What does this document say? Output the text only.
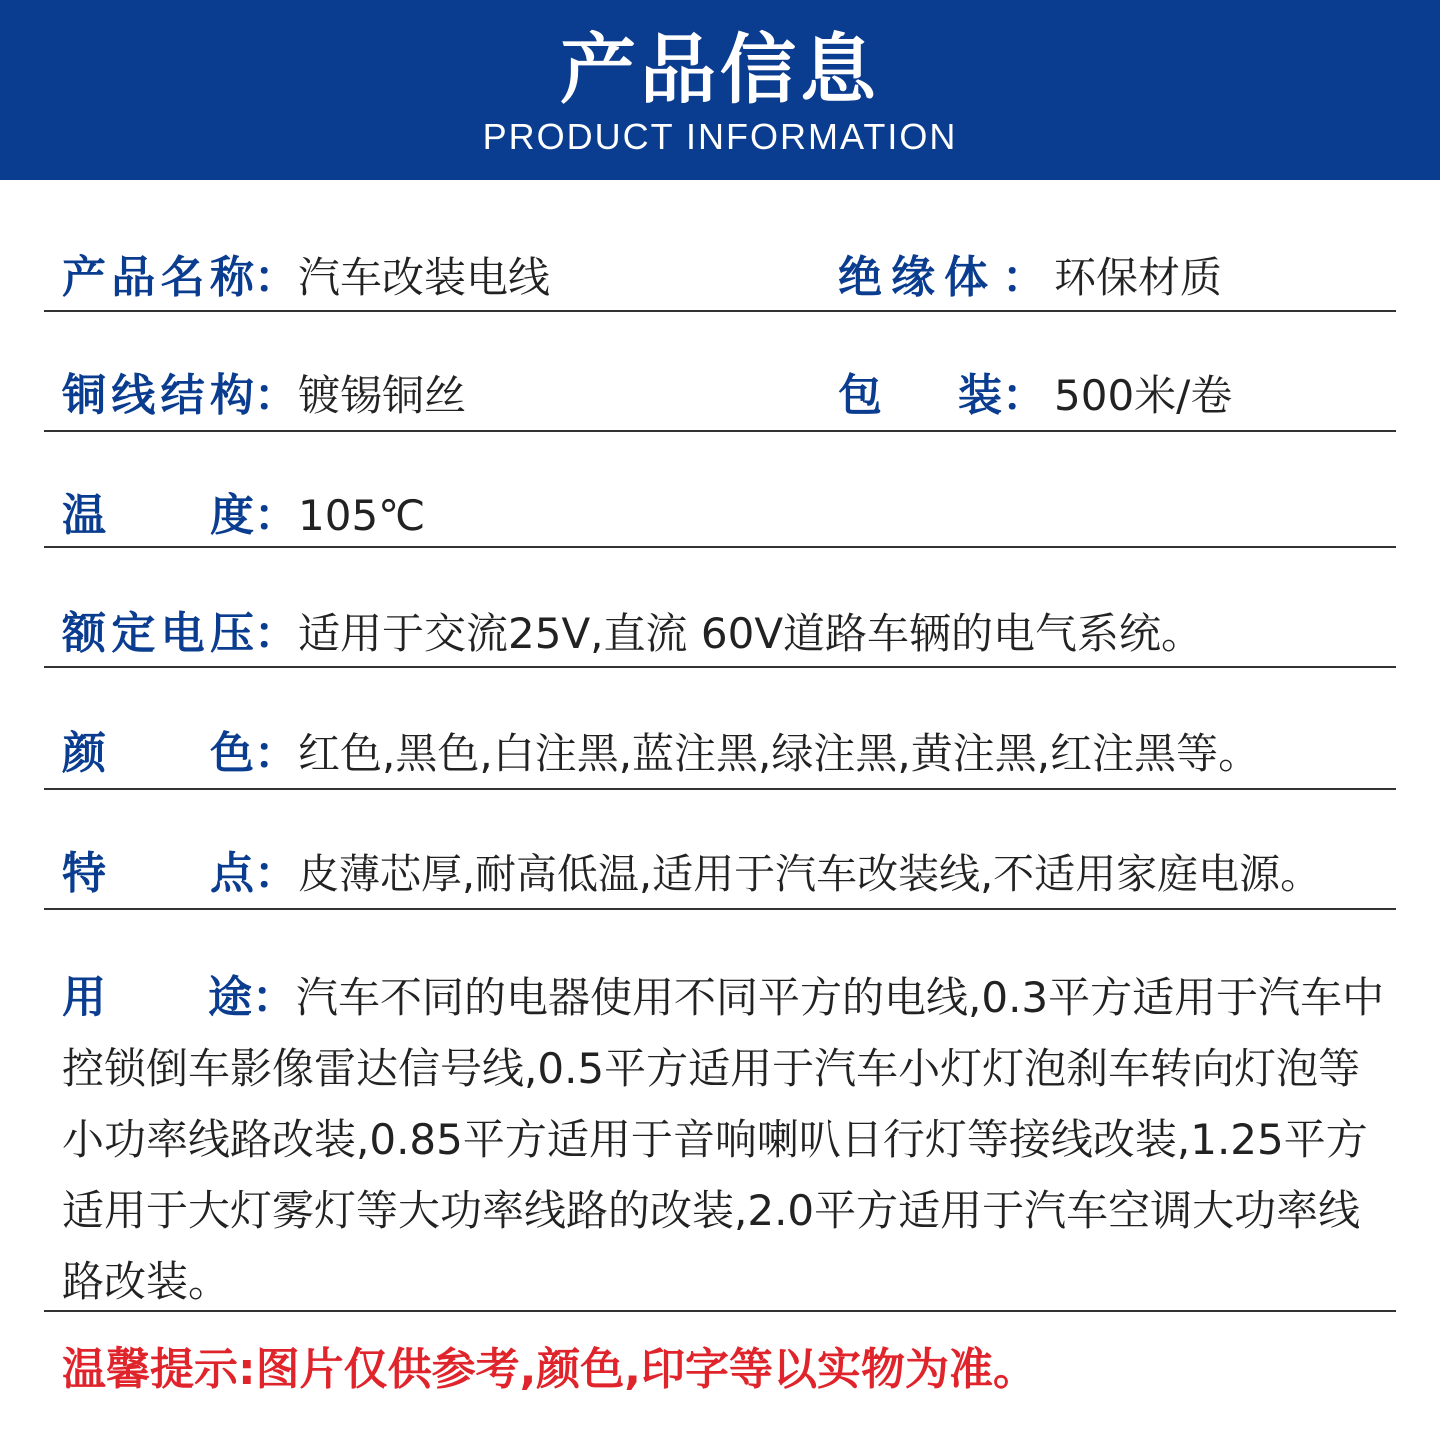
产品信息
PRODUCT INFORMATION
产 品 名 称 ： 汽车改装电线	绝 缘 体 ： 环保材质
铜 线 结 构 ： 镀锡铜丝	包 装 ： 500米/卷
温 度 ： 105℃
额 定 电 压 ： 适用于交流25V,直流 60V道路车辆的电气系统。
颜 色 ： 红色,黑色,白注黑,蓝注黑,绿注黑,黄注黑,红注黑等。
特 点 ： 皮薄芯厚,耐高低温,适用于汽车改装线,不适用家庭电源。
用 途 ：汽车不同的电器使用不同平方的电线,0.3平方适用于汽车中控锁倒车影像雷达信号线,0.5平方适用于汽车小灯灯泡刹车转向灯泡等小功率线路改装,0.85平方适用于音响喇叭日行灯等接线改装,1.25平方适用于大灯雾灯等大功率线路的改装,2.0平方适用于汽车空调大功率线路改装。
温馨提示:图片仅供参考,颜色,印字等以实物为准。
